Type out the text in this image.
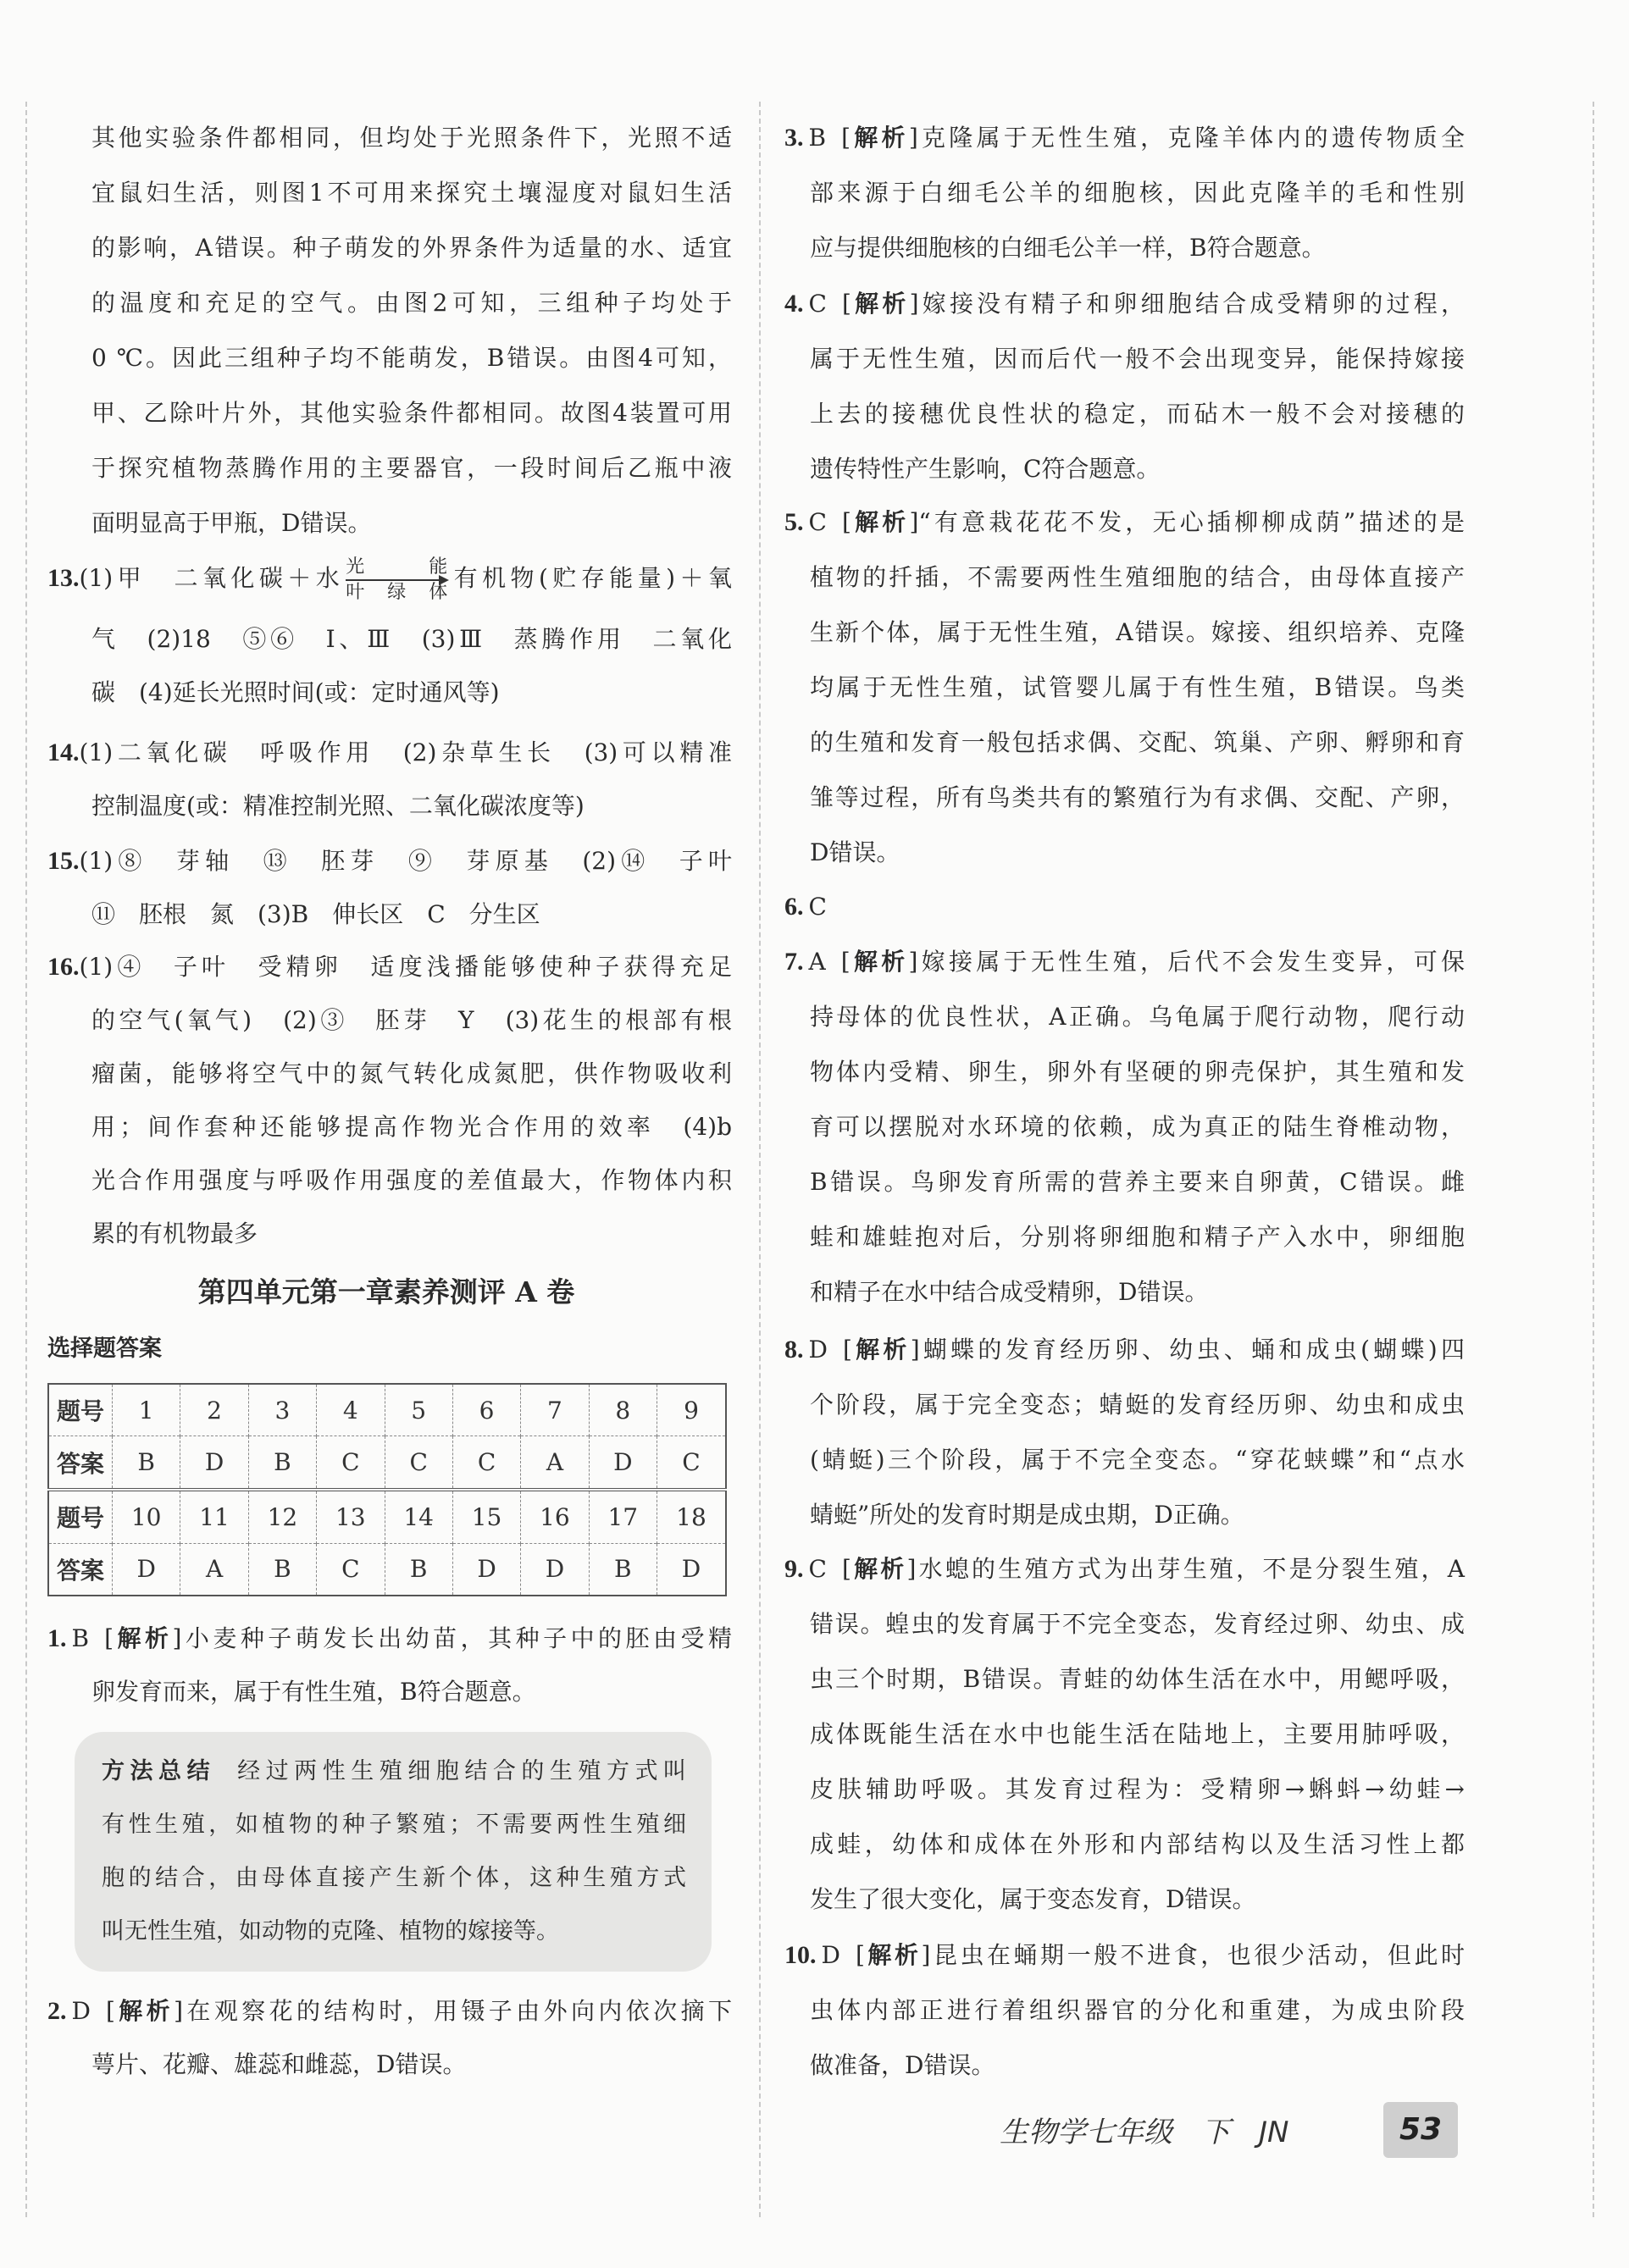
其他实验条件都相同，但均处于光照条件下，光照不适
宜鼠妇生活，则图1不可用来探究土壤湿度对鼠妇生活
的影响，A错误。种子萌发的外界条件为适量的水、适宜
的温度和充足的空气。由图2可知，三组种子均处于
0 ℃。因此三组种子均不能萌发，B错误。由图4可知，
甲、乙除叶片外，其他实验条件都相同。故图4装置可用
于探究植物蒸腾作用的主要器官，一段时间后乙瓶中液
面明显高于甲瓶，D错误。
13.(1)甲　二氧化碳＋水 光能
叶绿体 有机物(贮存能量)＋氧
气　(2)18　⑤⑥　Ⅰ、Ⅲ　(3)Ⅲ　蒸腾作用　二氧化
碳　(4)延长光照时间(或：定时通风等)
14.(1)二氧化碳　呼吸作用　(2)杂草生长　(3)可以精准
控制温度(或：精准控制光照、二氧化碳浓度等)
15.(1)⑧　芽轴　⑬　胚芽　⑨　芽原基　(2)⑭　子叶
⑪　胚根　氮　(3)B　伸长区　C　分生区
16.(1)④　子叶　受精卵　适度浅播能够使种子获得充足
的空气(氧气)　(2)③　胚芽　Y　(3)花生的根部有根
瘤菌，能够将空气中的氮气转化成氮肥，供作物吸收利
用；间作套种还能够提高作物光合作用的效率　(4)b
光合作用强度与呼吸作用强度的差值最大，作物体内积
累的有机物最多
1. B [解析]小麦种子萌发长出幼苗，其种子中的胚由受精
卵发育而来，属于有性生殖，B符合题意。
2. D [解析]在观察花的结构时，用镊子由外向内依次摘下
萼片、花瓣、雄蕊和雌蕊，D错误。
3. B [解析]克隆属于无性生殖，克隆羊体内的遗传物质全
部来源于白细毛公羊的细胞核，因此克隆羊的毛和性别
应与提供细胞核的白细毛公羊一样，B符合题意。
4. C [解析]嫁接没有精子和卵细胞结合成受精卵的过程，
属于无性生殖，因而后代一般不会出现变异，能保持嫁接
上去的接穗优良性状的稳定，而砧木一般不会对接穗的
遗传特性产生影响，C符合题意。
5. C [解析]“有意栽花花不发，无心插柳柳成荫”描述的是
植物的扦插，不需要两性生殖细胞的结合，由母体直接产
生新个体，属于无性生殖，A错误。嫁接、组织培养、克隆
均属于无性生殖，试管婴儿属于有性生殖，B错误。鸟类
的生殖和发育一般包括求偶、交配、筑巢、产卵、孵卵和育
雏等过程，所有鸟类共有的繁殖行为有求偶、交配、产卵，
D错误。
6. C
7. A [解析]嫁接属于无性生殖，后代不会发生变异，可保
持母体的优良性状，A正确。乌龟属于爬行动物，爬行动
物体内受精、卵生，卵外有坚硬的卵壳保护，其生殖和发
育可以摆脱对水环境的依赖，成为真正的陆生脊椎动物，
B错误。鸟卵发育所需的营养主要来自卵黄，C错误。雌
蛙和雄蛙抱对后，分别将卵细胞和精子产入水中，卵细胞
和精子在水中结合成受精卵，D错误。
8. D [解析]蝴蝶的发育经历卵、幼虫、蛹和成虫(蝴蝶)四
个阶段，属于完全变态；蜻蜓的发育经历卵、幼虫和成虫
(蜻蜓)三个阶段，属于不完全变态。“穿花蛱蝶”和“点水
蜻蜓”所处的发育时期是成虫期，D正确。
9. C [解析]水螅的生殖方式为出芽生殖，不是分裂生殖，A
错误。蝗虫的发育属于不完全变态，发育经过卵、幼虫、成
虫三个时期，B错误。青蛙的幼体生活在水中，用鳃呼吸，
成体既能生活在水中也能生活在陆地上，主要用肺呼吸，
皮肤辅助呼吸。其发育过程为：受精卵→蝌蚪→幼蛙→
成蛙，幼体和成体在外形和内部结构以及生活习性上都
发生了很大变化，属于变态发育，D错误。
10. D [解析]昆虫在蛹期一般不进食，也很少活动，但此时
虫体内部正进行着组织器官的分化和重建，为成虫阶段
做准备，D错误。
第四单元第一章素养测评 A 卷
选择题答案
题号	1	2	3	4	5	6	7	8	9
答案	B	D	B	C	C	C	A	D	C
题号	10	11	12	13	14	15	16	17	18
答案	D	A	B	C	B	D	D	B	D
方法总结 经过两性生殖细胞结合的生殖方式叫
有性生殖，如植物的种子繁殖；不需要两性生殖细
胞的结合，由母体直接产生新个体，这种生殖方式
叫无性生殖，如动物的克隆、植物的嫁接等。
生物学七年级　下　JN	53
